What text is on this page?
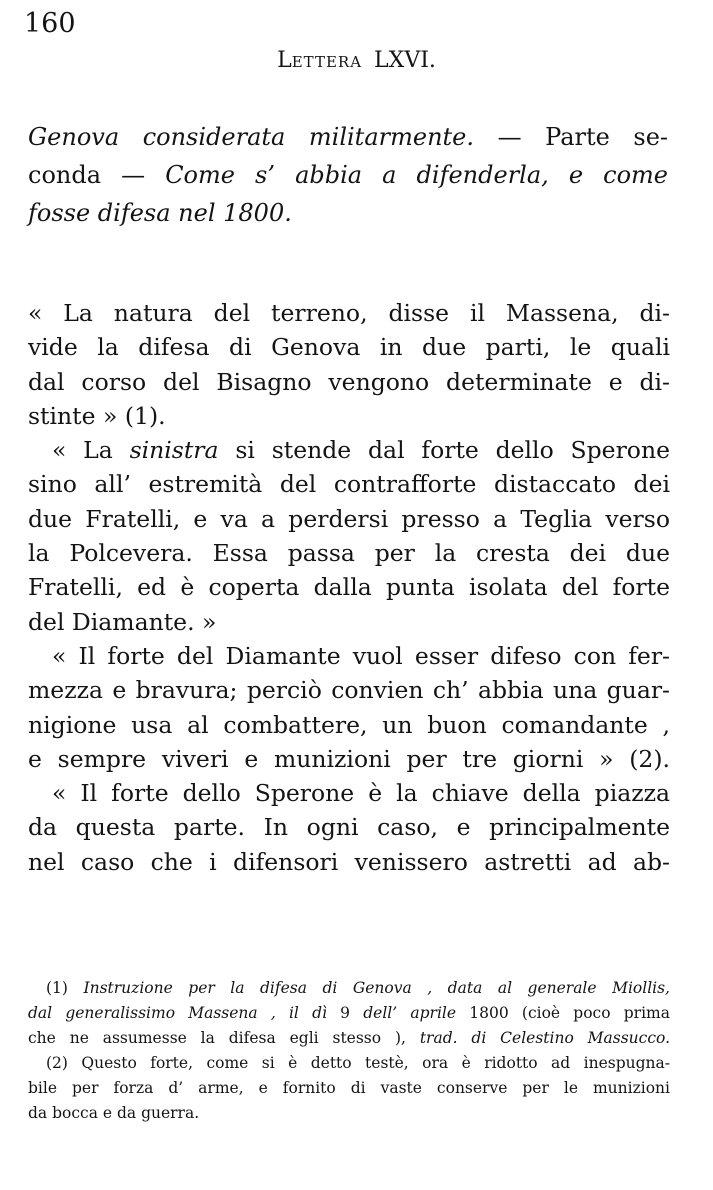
160
Lettera LXVI.
Genova considerata militarmente. — Parte se-
conda — Come s’ abbia a difenderla, e come
fosse difesa nel 1800.
« La natura del terreno, disse il Massena, di-
vide la difesa di Genova in due parti, le quali
dal corso del Bisagno vengono determinate e di-
stinte » (1).
« La sinistra si stende dal forte dello Sperone
sino all’ estremità del contrafforte distaccato dei
due Fratelli, e va a perdersi presso a Teglia verso
la Polcevera. Essa passa per la cresta dei due
Fratelli, ed è coperta dalla punta isolata del forte
del Diamante. »
« Il forte del Diamante vuol esser difeso con fer-
mezza e bravura; perciò convien ch’ abbia una guar-
nigione usa al combattere, un buon comandante ,
e sempre viveri e munizioni per tre giorni » (2).
« Il forte dello Sperone è la chiave della piazza
da questa parte. In ogni caso, e principalmente
nel caso che i difensori venissero astretti ad ab-
(1) Instruzione per la difesa di Genova , data al generale Miollis,
dal generalissimo Massena , il dì 9 dell’ aprile 1800 (cioè poco prima
che ne assumesse la difesa egli stesso ), trad. di Celestino Massucco.
(2) Questo forte, come si è detto testè, ora è ridotto ad inespugna-
bile per forza d’ arme, e fornito di vaste conserve per le munizioni
da bocca e da guerra.
